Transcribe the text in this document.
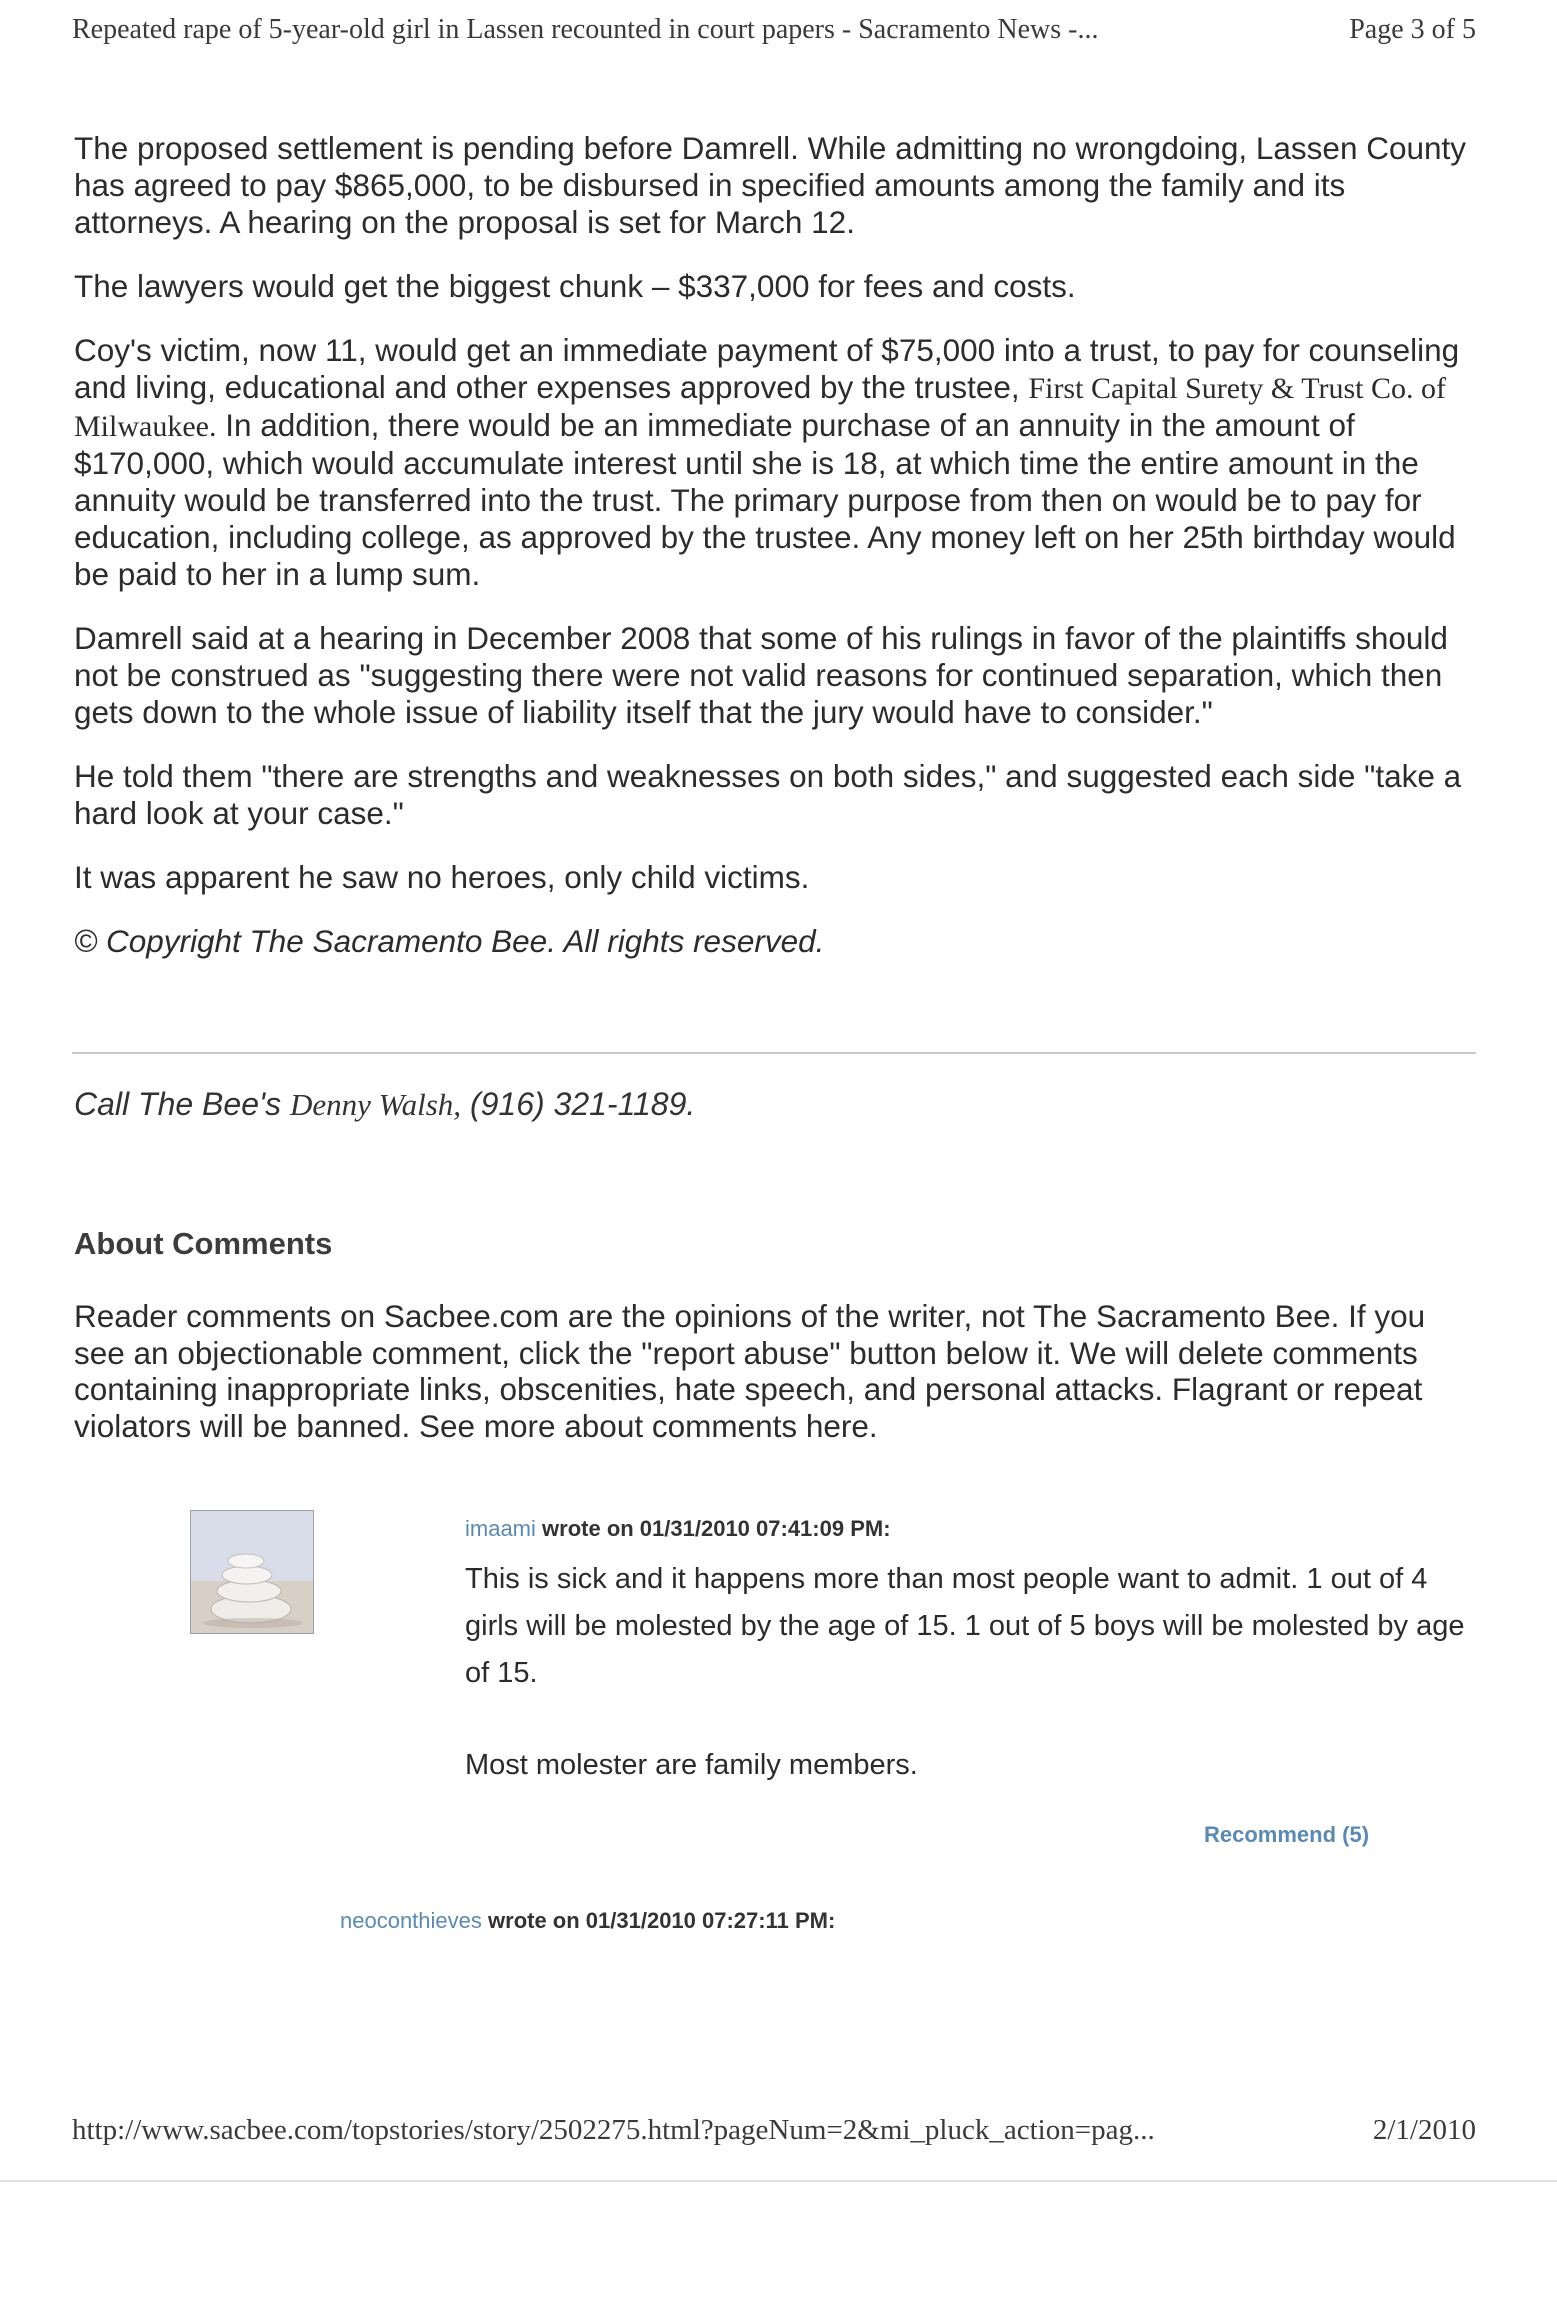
Repeated rape of 5-year-old girl in Lassen recounted in court papers - Sacramento News -...	Page 3 of 5

The proposed settlement is pending before Damrell. While admitting no wrongdoing, Lassen County has agreed to pay $865,000, to be disbursed in specified amounts among the family and its attorneys. A hearing on the proposal is set for March 12.

The lawyers would get the biggest chunk – $337,000 for fees and costs.

Coy's victim, now 11, would get an immediate payment of $75,000 into a trust, to pay for counseling and living, educational and other expenses approved by the trustee, First Capital Surety & Trust Co. of Milwaukee. In addition, there would be an immediate purchase of an annuity in the amount of $170,000, which would accumulate interest until she is 18, at which time the entire amount in the annuity would be transferred into the trust. The primary purpose from then on would be to pay for education, including college, as approved by the trustee. Any money left on her 25th birthday would be paid to her in a lump sum.

Damrell said at a hearing in December 2008 that some of his rulings in favor of the plaintiffs should not be construed as "suggesting there were not valid reasons for continued separation, which then gets down to the whole issue of liability itself that the jury would have to consider."

He told them "there are strengths and weaknesses on both sides," and suggested each side "take a hard look at your case."

It was apparent he saw no heroes, only child victims.

© Copyright The Sacramento Bee. All rights reserved.

Call The Bee's Denny Walsh, (916) 321-1189.
About Comments

Reader comments on Sacbee.com are the opinions of the writer, not The Sacramento Bee. If you see an objectionable comment, click the "report abuse" button below it. We will delete comments containing inappropriate links, obscenities, hate speech, and personal attacks. Flagrant or repeat violators will be banned. See more about comments here.

imaami wrote on 01/31/2010 07:41:09 PM:

This is sick and it happens more than most people want to admit. 1 out of 4 girls will be molested by the age of 15. 1 out of 5 boys will be molested by age of 15.

Most molester are family members.

Recommend (5)
neoconthieves wrote on 01/31/2010 07:27:11 PM:
http://www.sacbee.com/topstories/story/2502275.html?pageNum=2&mi_pluck_action=pag...	2/1/2010
